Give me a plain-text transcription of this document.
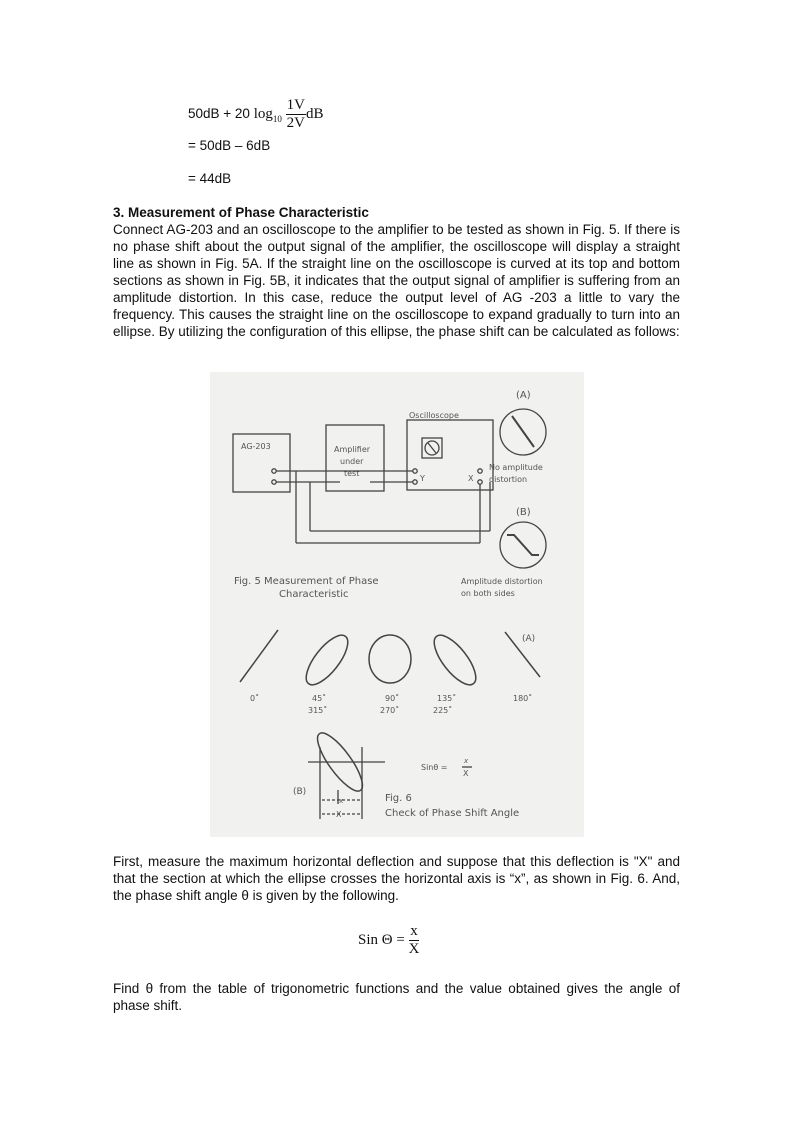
50dB + 20 $\log_{10} \frac{1V}{2V}$ dB
= 50dB – 6dB
= 44dB
3. Measurement of Phase Characteristic
Connect AG-203 and an oscilloscope to the amplifier to be tested as shown in Fig. 5. If there is no phase shift about the output signal of the amplifier, the oscilloscope will display a straight line as shown in Fig. 5A. If the straight line on the oscilloscope is curved at its top and bottom sections as shown in Fig. 5B, it indicates that the output signal of amplifier is suffering from an amplitude distortion. In this case, reduce the output level of AG -203 a little to vary the frequency. This causes the straight line on the oscilloscope to expand gradually to turn into an ellipse. By utilizing the configuration of this ellipse, the phase shift can be calculated as follows:
(A)
Oscilloscope
AG-203	Amplifier
under
test
Y	X
No amplitude
distortion
(B)
Fig. 5 Measurement of Phase
Characteristic
Amplitude distortion
on both sides
(A)
0˚	45˚
315˚
90˚
270˚
135˚
225˚
180˚
Sinθ =
x
X
(B)
x
X
Fig. 6
Check of Phase Shift Angle
First, measure the maximum horizontal deflection and suppose that this deflection is "X" and that the section at which the ellipse crosses the horizontal axis is “x”, as shown in Fig. 6. And, the phase shift angle θ is given by the following.
Sin $\Theta = \frac{x}{X}$
Find θ from the table of trigonometric functions and the value obtained gives the angle of phase shift.
